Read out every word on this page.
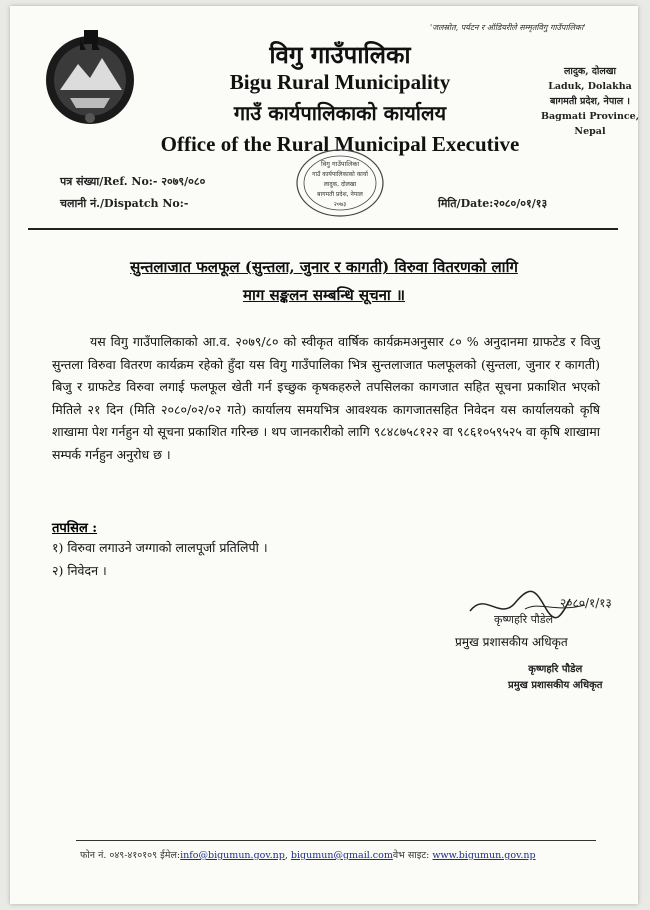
'जलस्रोत, पर्यटन र ऑडियरीले सम्मृतविगु गाउँपालिका'
विगु गाउँपालिका
Bigu Rural Municipality
गाउँ कार्यपालिकाको कार्यालय
Office of the Rural Municipal Executive
लादुक, दोलखा
Laduk, Dolakha
बागमती प्रदेश, नेपाल ।
Bagmati Province, Nepal
पत्र संख्या/Ref. No:- २०७९/०८०
चलानी नं./Dispatch No:-	मिति/Date:२०८०/०१/१३
विगु गाउँपालिका
गाउँ कार्यपालिकाको कार्या
लादुक, दोलखा
बागमती प्रदेश, नेपाल
२०७३
सुन्तलाजात फलफूल (सुन्तला, जुनार र कागती) विरुवा वितरणको लागि
माग सङ्कलन सम्बन्धि सूचना ॥
यस विगु गाउँपालिकाको आ.व. २०७९/८० को स्वीकृत वार्षिक कार्यक्रमअनुसार ८० % अनुदानमा ग्राफटेड र विजु सुन्तला विरुवा वितरण कार्यक्रम रहेको हुँदा यस विगु गाउँपालिका भित्र सुन्तलाजात फलफूलको (सुन्तला, जुनार र कागती) बिजु र ग्राफटेड विरुवा लगाई फलफूल खेती गर्न इच्छुक कृषकहरुले तपसिलका कागजात सहित सूचना प्रकाशित भएको मितिले २१ दिन (मिति २०८०/०२/०२ गते) कार्यालय समयभित्र आवश्यक कागजातसहित निवेदन यस कार्यालयको कृषि शाखामा पेश गर्नहुन यो सूचना प्रकाशित गरिन्छ । थप जानकारीको लागि ९८४८७५८१२२ वा ९८६१०५९५२५ वा कृषि शाखामा सम्पर्क गर्नहुन अनुरोध छ ।
तपसिल :
१) विरुवा लगाउने जग्गाको लालपूर्जा प्रतिलिपी ।
२) निवेदन ।
२०८०/१/१३
कृष्णहरि पौडेल
प्रमुख प्रशासकीय अधिकृत
कृष्णहरि पौडेल
प्रमुख प्रशासकीय अधिकृत
फोन नं. ०४९-४१०१०९ ईमेल:info@bigumun.gov.np, bigumun@gmail.comवेभ साइट: www.bigumun.gov.np
